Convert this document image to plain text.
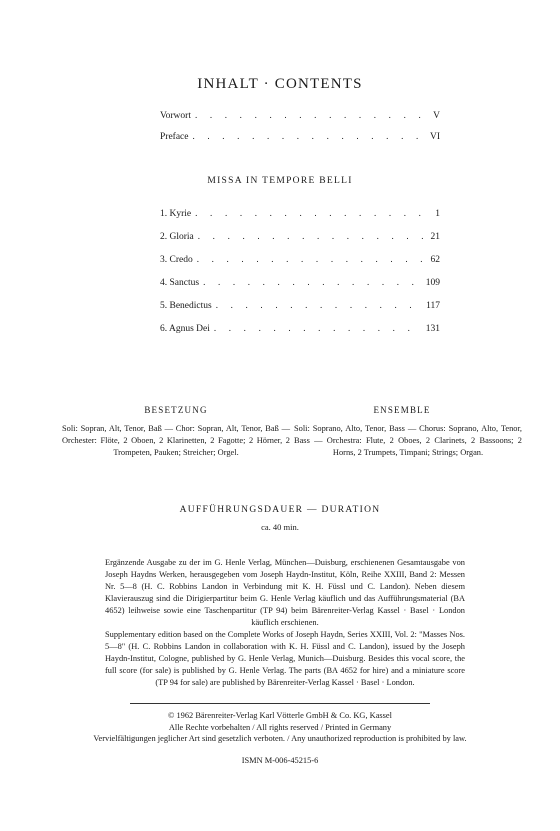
INHALT · CONTENTS
Vorwort . . .	V
Preface . . .	VI
MISSA IN TEMPORE BELLI
1. Kyrie . . .	1
2. Gloria . . .	21
3. Credo . . .	62
4. Sanctus . . .	109
5. Benedictus . . .	117
6. Agnus Dei . . .	131
BESETZUNG
Soli: Sopran, Alt, Tenor, Baß — Chor: Sopran, Alt, Tenor, Baß — Orchester: Flöte, 2 Oboen, 2 Klarinetten, 2 Fagotte; 2 Hörner, 2 Trompeten, Pauken; Streicher; Orgel.
ENSEMBLE
Soli: Soprano, Alto, Tenor, Bass — Chorus: Soprano, Alto, Tenor, Bass — Orchestra: Flute, 2 Oboes, 2 Clarinets, 2 Bassoons; 2 Horns, 2 Trumpets, Timpani; Strings; Organ.
AUFFÜHRUNGSDAUER — DURATION
ca. 40 min.
Ergänzende Ausgabe zu der im G. Henle Verlag, München—Duisburg, erschienenen Gesamtausgabe von Joseph Haydns Werken, herausgegeben vom Joseph Haydn-Institut, Köln, Reihe XXIII, Band 2: Messen Nr. 5—8 (H. C. Robbins Landon in Verbindung mit K. H. Füssl und C. Landon). Neben diesem Klavierauszug sind die Dirigierpartitur beim G. Henle Verlag käuflich und das Aufführungsmaterial (BA 4652) leihweise sowie eine Taschenpartitur (TP 94) beim Bärenreiter-Verlag Kassel · Basel · London käuflich erschienen.
Supplementary edition based on the Complete Works of Joseph Haydn, Series XXIII, Vol. 2: "Masses Nos. 5—8" (H. C. Robbins Landon in collaboration with K. H. Füssl and C. Landon), issued by the Joseph Haydn-Institut, Cologne, published by G. Henle Verlag, Munich—Duisburg. Besides this vocal score, the full score (for sale) is published by G. Henle Verlag. The parts (BA 4652 for hire) and a miniature score (TP 94 for sale) are published by Bärenreiter-Verlag Kassel · Basel · London.
© 1962 Bärenreiter-Verlag Karl Vötterle GmbH & Co. KG, Kassel
Alle Rechte vorbehalten / All rights reserved / Printed in Germany
Vervielfältigungen jeglicher Art sind gesetzlich verboten. / Any unauthorized reproduction is prohibited by law.
ISMN M-006-45215-6
